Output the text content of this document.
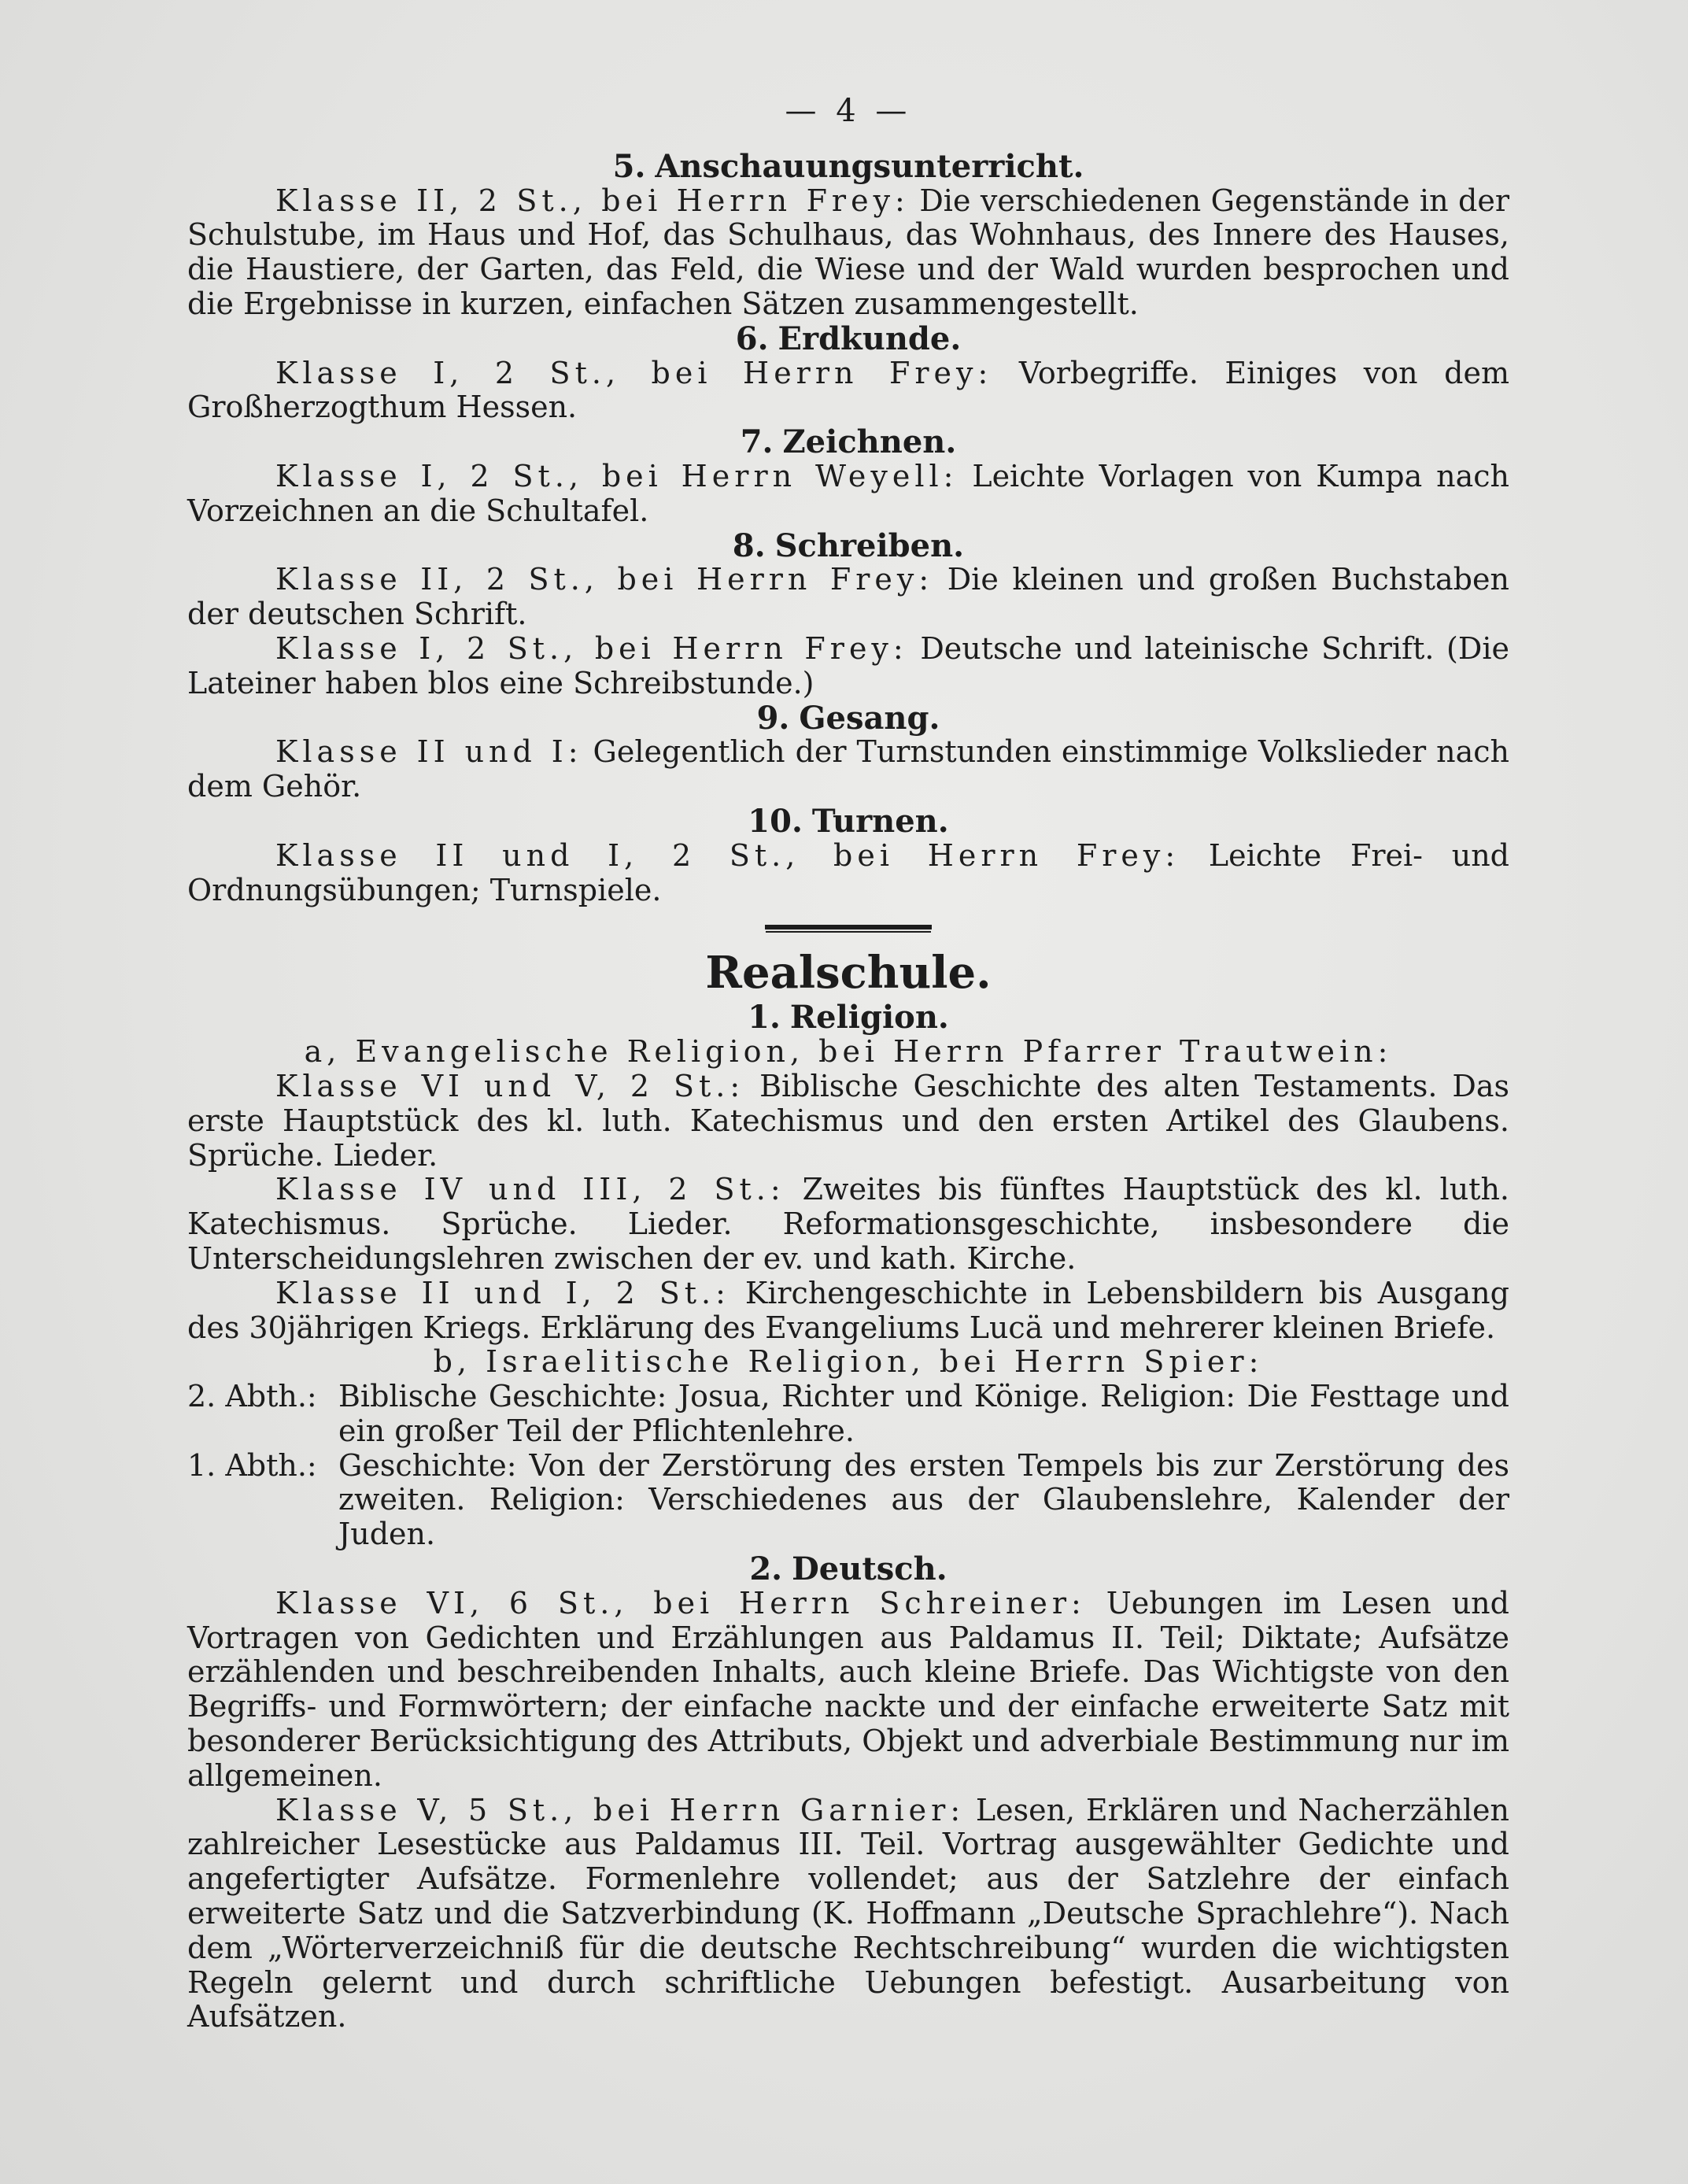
— 4 —
5. Anschauungsunterricht.
Klasse II, 2 St., bei Herrn Frey: Die verschiedenen Gegenstände in der Schulstube, im Haus und Hof, das Schulhaus, das Wohnhaus, des Innere des Hauses, die Haustiere, der Garten, das Feld, die Wiese und der Wald wurden besprochen und die Ergebnisse in kurzen, einfachen Sätzen zusammengestellt.
6. Erdkunde.
Klasse I, 2 St., bei Herrn Frey: Vorbegriffe. Einiges von dem Großherzogthum Hessen.
7. Zeichnen.
Klasse I, 2 St., bei Herrn Weyell: Leichte Vorlagen von Kumpa nach Vorzeichnen an die Schultafel.
8. Schreiben.
Klasse II, 2 St., bei Herrn Frey: Die kleinen und großen Buchstaben der deutschen Schrift.
Klasse I, 2 St., bei Herrn Frey: Deutsche und lateinische Schrift. (Die Lateiner haben blos eine Schreibstunde.)
9. Gesang.
Klasse II und I: Gelegentlich der Turnstunden einstimmige Volkslieder nach dem Gehör.
10. Turnen.
Klasse II und I, 2 St., bei Herrn Frey: Leichte Frei- und Ordnungsübungen; Turnspiele.
Realschule.
1. Religion.
a, Evangelische Religion, bei Herrn Pfarrer Trautwein:
Klasse VI und V, 2 St.: Biblische Geschichte des alten Testaments. Das erste Hauptstück des kl. luth. Katechismus und den ersten Artikel des Glaubens. Sprüche. Lieder.
Klasse IV und III, 2 St.: Zweites bis fünftes Hauptstück des kl. luth. Katechismus. Sprüche. Lieder. Reformationsgeschichte, insbesondere die Unterscheidungslehren zwischen der ev. und kath. Kirche.
Klasse II und I, 2 St.: Kirchengeschichte in Lebensbildern bis Ausgang des 30jährigen Kriegs. Erklärung des Evangeliums Lucä und mehrerer kleinen Briefe.
b, Israelitische Religion, bei Herrn Spier:
2. Abth.: Biblische Geschichte: Josua, Richter und Könige. Religion: Die Festtage und ein großer Teil der Pflichtenlehre.
1. Abth.: Geschichte: Von der Zerstörung des ersten Tempels bis zur Zerstörung des zweiten. Religion: Verschiedenes aus der Glaubenslehre, Kalender der Juden.
2. Deutsch.
Klasse VI, 6 St., bei Herrn Schreiner: Uebungen im Lesen und Vortragen von Gedichten und Erzählungen aus Paldamus II. Teil; Diktate; Aufsätze erzählenden und beschreibenden Inhalts, auch kleine Briefe. Das Wichtigste von den Begriffs- und Formwörtern; der einfache nackte und der einfache erweiterte Satz mit besonderer Berücksichtigung des Attributs, Objekt und adverbiale Bestimmung nur im allgemeinen.
Klasse V, 5 St., bei Herrn Garnier: Lesen, Erklären und Nacherzählen zahlreicher Lesestücke aus Paldamus III. Teil. Vortrag ausgewählter Gedichte und angefertigter Aufsätze. Formenlehre vollendet; aus der Satzlehre der einfach erweiterte Satz und die Satzverbindung (K. Hoffmann „Deutsche Sprachlehre“). Nach dem „Wörterverzeichniß für die deutsche Rechtschreibung“ wurden die wichtigsten Regeln gelernt und durch schriftliche Uebungen befestigt. Ausarbeitung von Aufsätzen.
